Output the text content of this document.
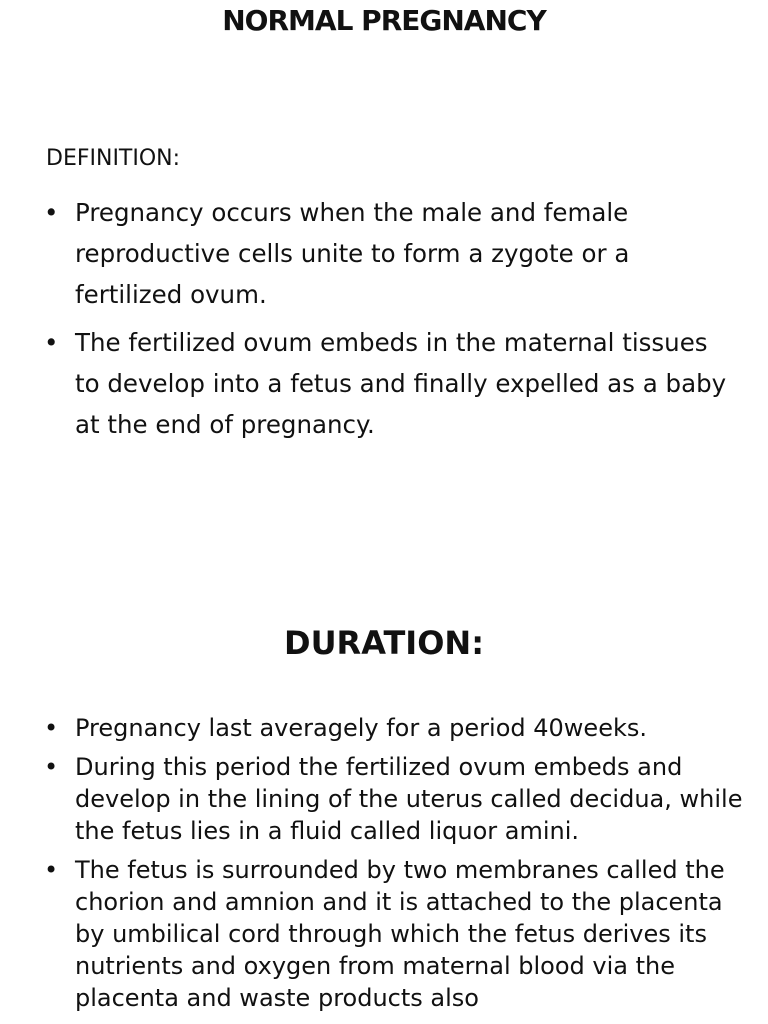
NORMAL PREGNANCY

DEFINITION:

• Pregnancy occurs when the male and female reproductive cells unite to form a zygote or a fertilized ovum.
• The fertilized ovum embeds in the maternal tissues to develop into a fetus and finally expelled as a baby at the end of pregnancy.
DURATION:
• Pregnancy last averagely for a period 40weeks.
• During this period the fertilized ovum embeds and develop in the lining of the uterus called decidua, while the fetus lies in a fluid called liquor amini.
• The fetus is surrounded by two membranes called the chorion and amnion and it is attached to the placenta by umbilical cord through which the fetus derives its nutrients and oxygen from maternal blood via the placenta and waste products also
